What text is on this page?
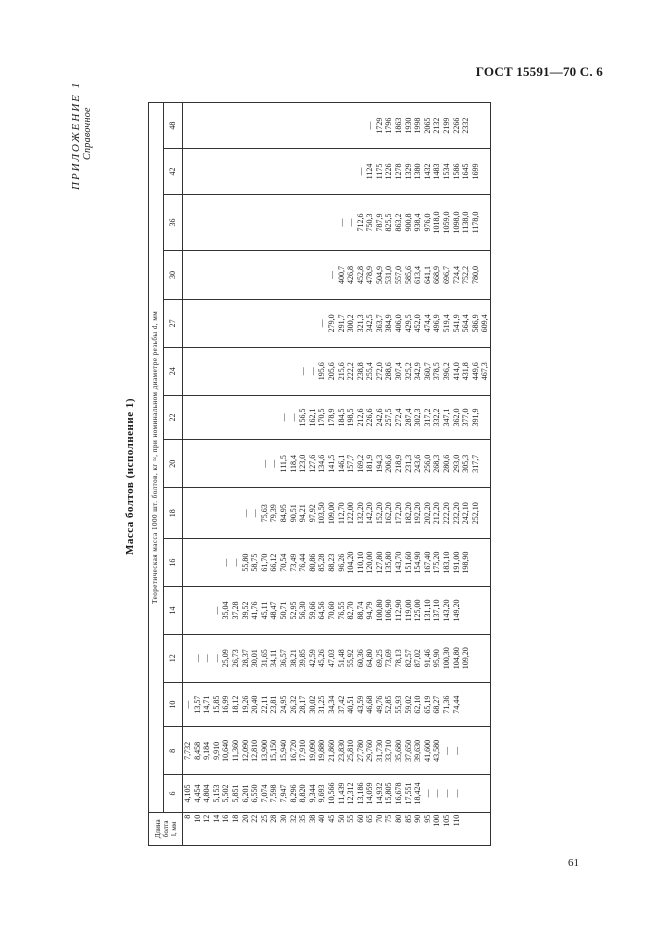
ГОСТ 15591—70 С. 6
ПРИЛОЖЕНИЕ 1 Справочное
Масса болтов (исполнение 1)
Длина болта l, мм	Теоретическая масса 1000 шт. болтов, кг ≈, при номинальном диаметре резьбы d, мм														
	6	8	10	12	14	16	18	20	22	24	27	30	36	42	48
8	4,105	7,732	—												
10	4,454	8,458	13,57	—											
12	4,804	9,184	14,71	—											
14	5,153	9,910	15,85	—	—										
16	5,502	10,640	16,99	25,09	35,04	—									
18	5,851	11,360	18,12	26,73	37,28	—									
20	6,201	12,090	19,26	28,37	39,52	55,80	—								
22	6,550	12,810	20,40	30,01	41,76	58,75	—								
25	7,074	13,900	22,11	31,65	45,11	61,70	75,63	—							
28	7,598	15,150	23,81	34,11	48,47	66,12	79,39	—							
30	7,947	15,940	24,95	36,57	50,71	70,54	84,95	111,5	—						
32	8,296	16,720	26,32	38,21	52,95	73,49	90,51	118,4	—						
35	8,820	17,910	28,17	39,85	56,30	76,44	94,21	123,0	156,5	—					
38	9,344	19,090	30,02	42,59	59,66	80,86	97,92	127,6	162,1	—					
40	9,693	19,880	31,25	45,26	64,56	85,28	103,50	134,6	170,5	195,6	—				
45	10,566	21,860	34,34	47,03	70,60	88,23	109,00	141,5	178,9	205,6	279,0	—			
50	11,439	23,830	37,42	51,48	76,55	96,26	112,70	146,1	184,5	215,6	291,7	400,7	—		
55	12,312	25,810	40,51	55,92	82,70	104,20	122,00	157,7	198,5	222,2	300,2	426,8	—		
60	13,186	27,780	43,59	60,36	88,74	110,10	132,20	169,2	212,6	238,8	321,3	452,8	712,6	—	
65	14,059	29,760	46,68	64,80	94,79	120,00	142,20	181,9	226,6	255,4	342,5	478,9	750,3	1124	—
70	14,932	31,730	49,76	69,25	100,80	127,80	152,20	194,3	242,6	272,0	363,7	504,9	787,9	1175	1729
75	15,805	33,710	52,85	73,69	106,90	135,80	162,20	206,6	257,5	288,6	384,9	531,0	825,5	1226	1796
80	16,678	35,680	55,93	78,13	112,90	143,70	172,20	218,9	272,4	307,4	406,0	557,0	863,2	1278	1863
85	17,551	37,650	59,02	82,57	119,00	151,60	182,20	231,3	287,4	325,2	429,5	585,6	900,8	1329	1930
90	18,424	39,630	62,10	87,02	125,00	154,90	192,20	243,6	302,3	342,9	452,0	613,4	938,4	1380	1998
95	—	41,600	65,19	91,46	131,10	167,40	202,20	256,0	317,2	360,7	474,4	641,1	976,0	1432	2065
100	—	43,580	68,27	95,90	137,10	175,20	212,20	268,3	332,2	378,5	496,9	668,9	1018,0	1483	2132
105	—	—	71,36	100,30	143,20	183,10	222,20	280,6	347,1	396,2	519,4	696,7	1059,0	1534	2199
110	—	—	74,44	104,80	149,20	191,00	232,20	293,0	362,0	414,0	541,9	724,4	1098,0	1586	2266
				109,20		198,90	242,10	305,3	377,0	431,8	564,4	752,2	1138,0	1645	2332
							252,10	317,7	391,9	449,6	586,9	780,0	1178,0	1699	
										467,3	609,4				
61
